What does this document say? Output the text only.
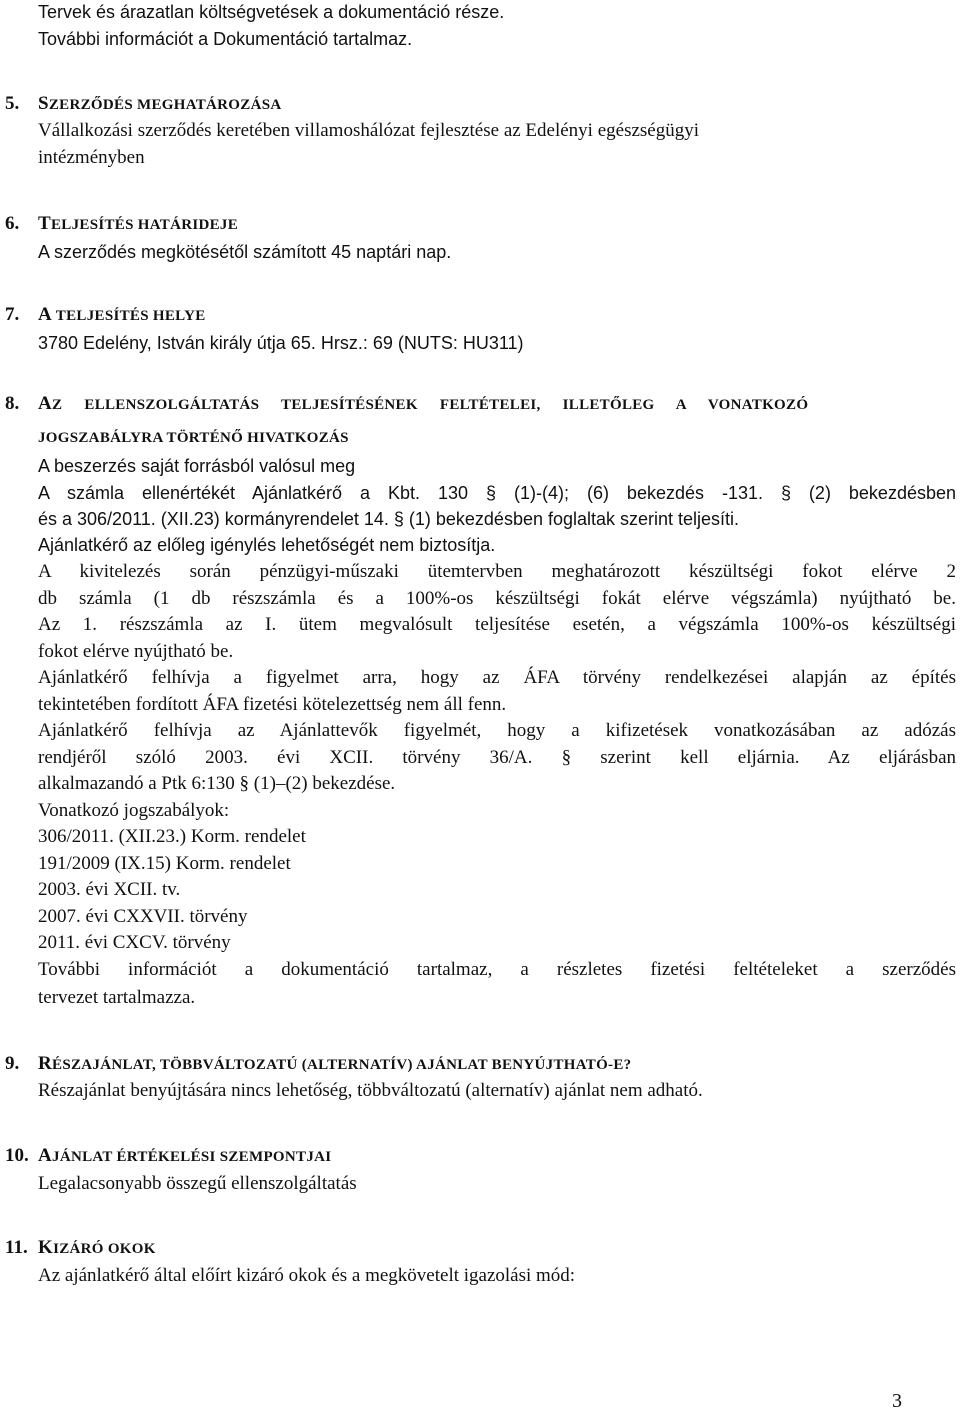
Tervek és árazatlan költségvetések a dokumentáció része.
További információt a Dokumentáció tartalmaz.
5. SZERZŐDÉS MEGHATÁROZÁSA
Vállalkozási szerződés keretében villamoshálózat fejlesztése az Edelényi egészségügyi
intézményben
6. TELJESÍTÉS HATÁRIDEJE
A szerződés megkötésétől számított 45 naptári nap.
7. A TELJESÍTÉS HELYE
3780 Edelény, István király útja 65. Hrsz.: 69 (NUTS: HU311)
8. AZ ELLENSZOLGÁLTATÁS TELJESÍTÉSÉNEK FELTÉTELEI, ILLETŐLEG A VONATKOZÓ
JOGSZABÁLYRA TÖRTÉNŐ HIVATKOZÁS
A beszerzés saját forrásból valósul meg
A számla ellenértékét Ajánlatkérő a Kbt. 130 § (1)-(4); (6) bekezdés -131. § (2) bekezdésben
és a 306/2011. (XII.23) kormányrendelet 14. § (1) bekezdésben foglaltak szerint teljesíti.
Ajánlatkérő az előleg igénylés lehetőségét nem biztosítja.
A kivitelezés során pénzügyi-műszaki ütemtervben meghatározott készültségi fokot elérve 2
db számla (1 db részszámla és a 100%-os készültségi fokát elérve végszámla) nyújtható be.
Az 1. részszámla az I. ütem megvalósult teljesítése esetén, a végszámla 100%-os készültségi
fokot elérve nyújtható be.
Ajánlatkérő felhívja a figyelmet arra, hogy az ÁFA törvény rendelkezései alapján az építés
tekintetében fordított ÁFA fizetési kötelezettség nem áll fenn.
Ajánlatkérő felhívja az Ajánlattevők figyelmét, hogy a kifizetések vonatkozásában az adózás
rendjéről szóló 2003. évi XCII. törvény 36/A. § szerint kell eljárnia. Az eljárásban
alkalmazandó a Ptk 6:130 § (1)–(2) bekezdése.
Vonatkozó jogszabályok:
306/2011. (XII.23.) Korm. rendelet
191/2009 (IX.15) Korm. rendelet
2003. évi XCII. tv.
2007. évi CXXVII. törvény
2011. évi CXCV. törvény
További információt a dokumentáció tartalmaz, a részletes fizetési feltételeket a szerződés
tervezet tartalmazza.
9. RÉSZAJÁNLAT, TÖBBVÁLTOZATÚ (ALTERNATÍV) AJÁNLAT BENYÚJTHATÓ-E?
Részajánlat benyújtására nincs lehetőség, többváltozatú (alternatív) ajánlat nem adható.
10. AJÁNLAT ÉRTÉKELÉSI SZEMPONTJAI
Legalacsonyabb összegű ellenszolgáltatás
11. KIZÁRÓ OKOK
Az ajánlatkérő által előírt kizáró okok és a megkövetelt igazolási mód:
3
